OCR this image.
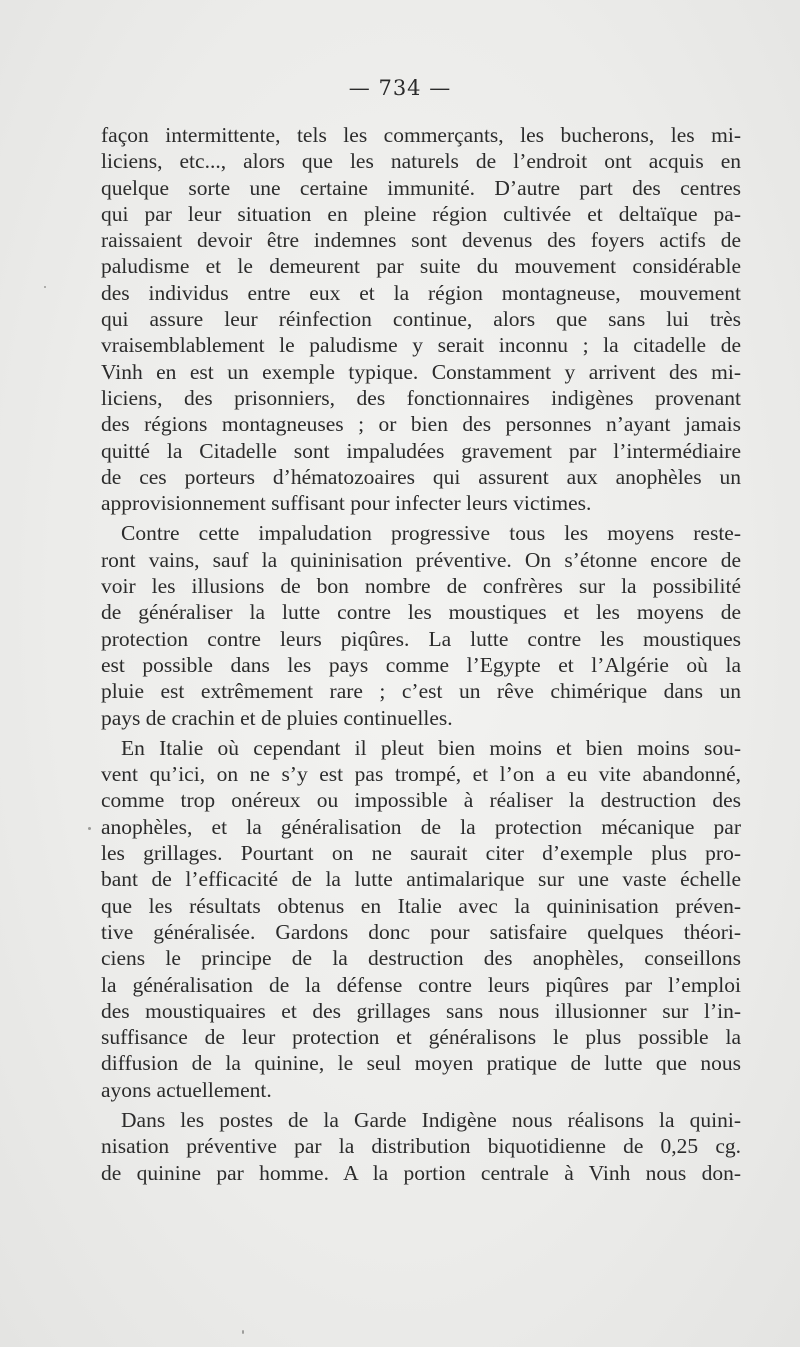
— 734 —
façon intermittente, tels les commerçants, les bucherons, les mi-
liciens, etc..., alors que les naturels de l’endroit ont acquis en
quelque sorte une certaine immunité. D’autre part des centres
qui par leur situation en pleine région cultivée et deltaïque pa-
raissaient devoir être indemnes sont devenus des foyers actifs de
paludisme et le demeurent par suite du mouvement considérable
des individus entre eux et la région montagneuse, mouvement
qui assure leur réinfection continue, alors que sans lui très
vraisemblablement le paludisme y serait inconnu ; la citadelle de
Vinh en est un exemple typique. Constamment y arrivent des mi-
liciens, des prisonniers, des fonctionnaires indigènes provenant
des régions montagneuses ; or bien des personnes n’ayant jamais
quitté la Citadelle sont impaludées gravement par l’intermédiaire
de ces porteurs d’hématozoaires qui assurent aux anophèles un
approvisionnement suffisant pour infecter leurs victimes.
Contre cette impaludation progressive tous les moyens reste-
ront vains, sauf la quininisation préventive. On s’étonne encore de
voir les illusions de bon nombre de confrères sur la possibilité
de généraliser la lutte contre les moustiques et les moyens de
protection contre leurs piqûres. La lutte contre les moustiques
est possible dans les pays comme l’Egypte et l’Algérie où la
pluie est extrêmement rare ; c’est un rêve chimérique dans un
pays de crachin et de pluies continuelles.
En Italie où cependant il pleut bien moins et bien moins sou-
vent qu’ici, on ne s’y est pas trompé, et l’on a eu vite abandonné,
comme trop onéreux ou impossible à réaliser la destruction des
anophèles, et la généralisation de la protection mécanique par
les grillages. Pourtant on ne saurait citer d’exemple plus pro-
bant de l’efficacité de la lutte antimalarique sur une vaste échelle
que les résultats obtenus en Italie avec la quininisation préven-
tive généralisée. Gardons donc pour satisfaire quelques théori-
ciens le principe de la destruction des anophèles, conseillons
la généralisation de la défense contre leurs piqûres par l’emploi
des moustiquaires et des grillages sans nous illusionner sur l’in-
suffisance de leur protection et généralisons le plus possible la
diffusion de la quinine, le seul moyen pratique de lutte que nous
ayons actuellement.
Dans les postes de la Garde Indigène nous réalisons la quini-
nisation préventive par la distribution biquotidienne de 0,25 cg.
de quinine par homme. A la portion centrale à Vinh nous don-
